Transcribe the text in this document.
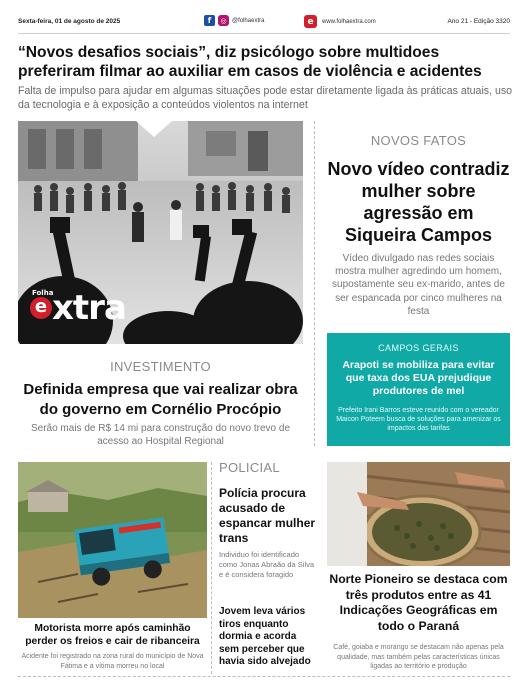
Sexta-feira, 01 de agosto de 2025	f	◎ @folhaextra	e	www.folhaextra.com	Ano 21 - Edição 3320
“Novos desafios sociais”, diz psicólogo sobre multidoes preferiram filmar ao auxiliar em casos de violência e acidentes

Falta de impulso para ajudar em algumas situações pode estar diretamente ligada às práticas atuais, uso da tecnologia e à exposição a conteúdos violentos na internet

Folha
e xtra
NOVOS FATOS
Novo vídeo contradiz mulher sobre agressão em Siqueira Campos

Vídeo divulgado nas redes sociais mostra mulher agredindo um homem, supostamente seu ex-marido, antes de ser espancada por cinco mulheres na festa

CAMPOS GERAIS
Arapoti se mobiliza para evitar que taxa dos EUA prejudique produtores de mel
Prefeito Irani Barros esteve reunido com o vereador Maicon Poteem busca de soluções para amenizar os impactos das tarifas
INVESTIMENTO
Definida empresa que vai realizar obra do governo em Cornélio Procópio

Serão mais de R$ 14 mi para construção do novo trevo de acesso ao Hospital Regional

Motorista morre após caminhão perder os freios e cair de ribanceira

Acidente foi registrado na zona rural do município de Nova Fátima e a vítima morreu no local

POLICIAL
Polícia procura acusado de espancar mulher trans

Individuo foi identificado como Jonas Abraão da Silva e é considera foragido

Jovem leva vários tiros enquanto dormia e acorda sem perceber que havia sido alvejado
Norte Pioneiro se destaca com três produtos entre as 41 Indicações Geográficas em todo o Paraná

Café, goiaba e morango se destacam não apenas pela qualidade, mas também pelas características únicas ligadas ao território e produção
